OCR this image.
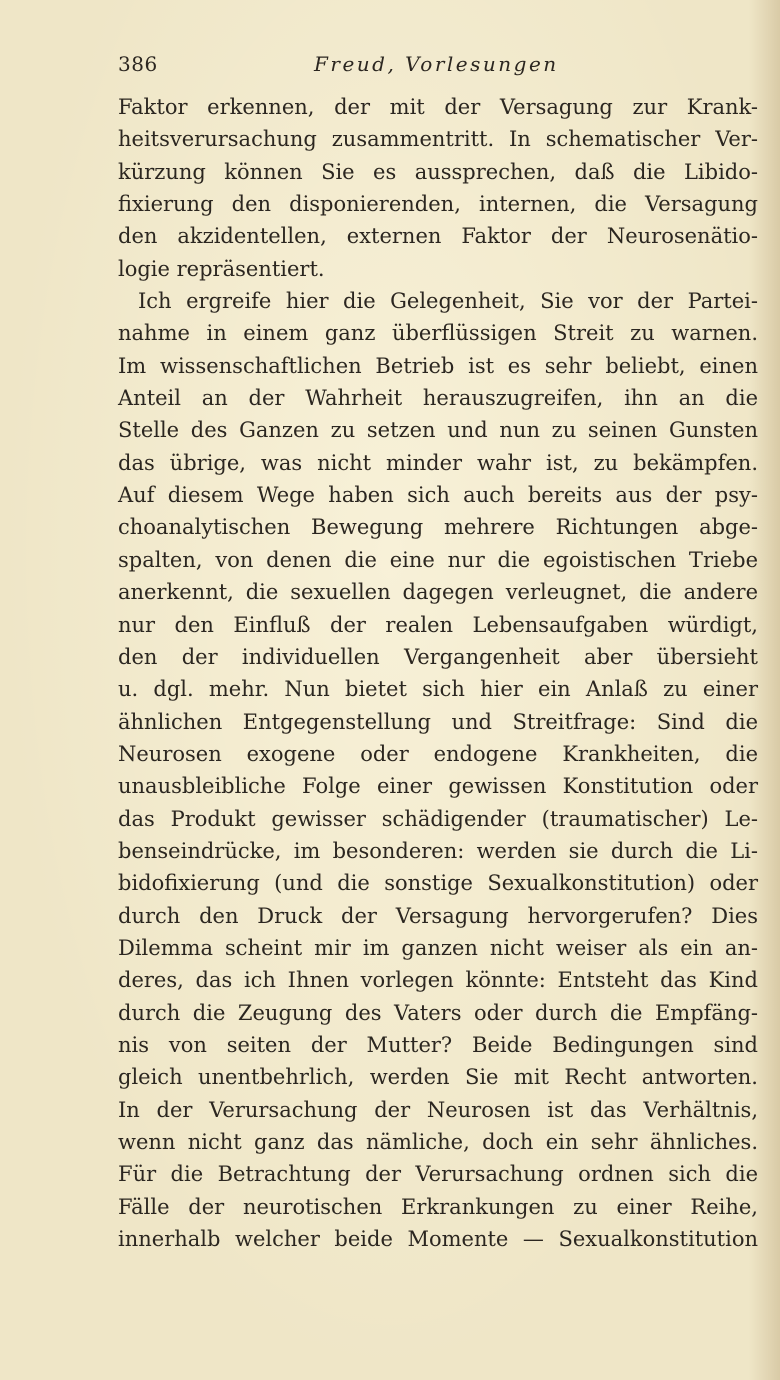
386	Freud, Vorlesungen
Faktor erkennen, der mit der Versagung zur Krank-
heitsverursachung zusammentritt. In schematischer Ver-
kürzung können Sie es aussprechen, daß die Libido-
fixierung den disponierenden, internen, die Versagung
den akzidentellen, externen Faktor der Neurosenätio-
logie repräsentiert.
Ich ergreife hier die Gelegenheit, Sie vor der Partei-
nahme in einem ganz überflüssigen Streit zu warnen.
Im wissenschaftlichen Betrieb ist es sehr beliebt, einen
Anteil an der Wahrheit herauszugreifen, ihn an die
Stelle des Ganzen zu setzen und nun zu seinen Gunsten
das übrige, was nicht minder wahr ist, zu bekämpfen.
Auf diesem Wege haben sich auch bereits aus der psy-
choanalytischen Bewegung mehrere Richtungen abge-
spalten, von denen die eine nur die egoistischen Triebe
anerkennt, die sexuellen dagegen verleugnet, die andere
nur den Einfluß der realen Lebensaufgaben würdigt,
den der individuellen Vergangenheit aber übersieht
u. dgl. mehr. Nun bietet sich hier ein Anlaß zu einer
ähnlichen Entgegenstellung und Streitfrage: Sind die
Neurosen exogene oder endogene Krankheiten, die
unausbleibliche Folge einer gewissen Konstitution oder
das Produkt gewisser schädigender (traumatischer) Le-
benseindrücke, im besonderen: werden sie durch die Li-
bidofixierung (und die sonstige Sexualkonstitution) oder
durch den Druck der Versagung hervorgerufen? Dies
Dilemma scheint mir im ganzen nicht weiser als ein an-
deres, das ich Ihnen vorlegen könnte: Entsteht das Kind
durch die Zeugung des Vaters oder durch die Empfäng-
nis von seiten der Mutter? Beide Bedingungen sind
gleich unentbehrlich, werden Sie mit Recht antworten.
In der Verursachung der Neurosen ist das Verhältnis,
wenn nicht ganz das nämliche, doch ein sehr ähnliches.
Für die Betrachtung der Verursachung ordnen sich die
Fälle der neurotischen Erkrankungen zu einer Reihe,
innerhalb welcher beide Momente — Sexualkonstitution
